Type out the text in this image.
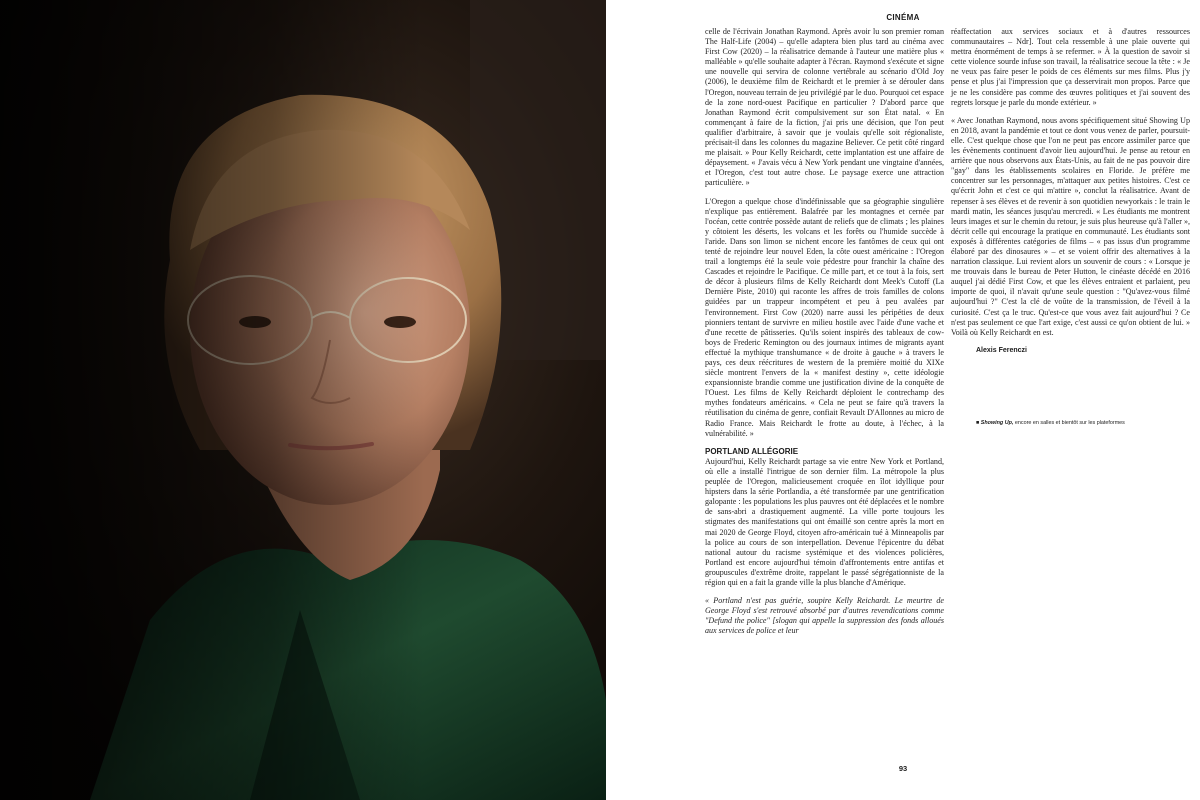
CINÉMA

celle de l'écrivain Jonathan Raymond. Après avoir lu son premier roman The Half-Life (2004) – qu'elle adaptera bien plus tard au cinéma avec First Cow (2020) – la réalisatrice demande à l'auteur une matière plus « malléable » qu'elle souhaite adapter à l'écran. Raymond s'exécute et signe une nouvelle qui servira de colonne vertébrale au scénario d'Old Joy (2006), le deuxième film de Reichardt et le premier à se dérouler dans l'Oregon, nouveau terrain de jeu privilégié par le duo. Pourquoi cet espace de la zone nord-ouest Pacifique en particulier ? D'abord parce que Jonathan Raymond écrit compulsivement sur son État natal. « En commençant à faire de la fiction, j'ai pris une décision, que l'on peut qualifier d'arbitraire, à savoir que je voulais qu'elle soit régionaliste, précisait-il dans les colonnes du magazine Believer. Ce petit côté ringard me plaisait. » Pour Kelly Reichardt, cette implantation est une affaire de dépaysement. « J'avais vécu à New York pendant une vingtaine d'années, et l'Oregon, c'est tout autre chose. Le paysage exerce une attraction particulière. »

L'Oregon a quelque chose d'indéfinissable que sa géographie singulière n'explique pas entièrement. Balafrée par les montagnes et cernée par l'océan, cette contrée possède autant de reliefs que de climats ; les plaines y côtoient les déserts, les volcans et les forêts ou l'humide succède à l'aride. Dans son limon se nichent encore les fantômes de ceux qui ont tenté de rejoindre leur nouvel Eden, la côte ouest américaine : l'Oregon trail a longtemps été la seule voie pédestre pour franchir la chaîne des Cascades et rejoindre le Pacifique. Ce mille part, et ce tout à la fois, sert de décor à plusieurs films de Kelly Reichardt dont Meek's Cutoff (La Dernière Piste, 2010) qui raconte les affres de trois familles de colons guidées par un trappeur incompétent et peu à peu avalées par l'environnement. First Cow (2020) narre aussi les péripéties de deux pionniers tentant de survivre en milieu hostile avec l'aide d'une vache et d'une recette de pâtisseries. Qu'ils soient inspirés des tableaux de cow-boys de Frederic Remington ou des journaux intimes de migrants ayant effectué la mythique transhumance « de droite à gauche » à travers le pays, ces deux réécritures de western de la première moitié du XIXe siècle montrent l'envers de la « manifest destiny », cette idéologie expansionniste brandie comme une justification divine de la conquête de l'Ouest. Les films de Kelly Reichardt déploient le contrechamp des mythes fondateurs américains. « Cela ne peut se faire qu'à travers la réutilisation du cinéma de genre, confiait Revault D'Allonnes au micro de Radio France. Mais Reichardt le frotte au doute, à l'échec, à la vulnérabilité. »

PORTLAND ALLÉGORIE

Aujourd'hui, Kelly Reichardt partage sa vie entre New York et Portland, où elle a installé l'intrigue de son dernier film. La métropole la plus peuplée de l'Oregon, malicieusement croquée en îlot idyllique pour hipsters dans la série Portlandia, a été transformée par une gentrification galopante : les populations les plus pauvres ont été déplacées et le nombre de sans-abri a drastiquement augmenté. La ville porte toujours les stigmates des manifestations qui ont émaillé son centre après la mort en mai 2020 de George Floyd, citoyen afro-américain tué à Minneapolis par la police au cours de son interpellation. Devenue l'épicentre du débat national autour du racisme systémique et des violences policières, Portland est encore aujourd'hui témoin d'affrontements entre antifas et groupuscules d'extrême droite, rappelant le passé ségrégationniste de la région qui en a fait la grande ville la plus blanche d'Amérique.

« Portland n'est pas guérie, soupire Kelly Reichardt. Le meurtre de George Floyd s'est retrouvé absorbé par d'autres revendications comme "Defund the police" [slogan qui appelle la suppression des fonds alloués aux services de police et leur

réaffectation aux services sociaux et à d'autres ressources communautaires – Ndr]. Tout cela ressemble à une plaie ouverte qui mettra énormément de temps à se refermer. » À la question de savoir si cette violence sourde infuse son travail, la réalisatrice secoue la tête : « Je ne veux pas faire peser le poids de ces éléments sur mes films. Plus j'y pense et plus j'ai l'impression que ça desservirait mon propos. Parce que je ne les considère pas comme des œuvres politiques et j'ai souvent des regrets lorsque je parle du monde extérieur. »

« Avec Jonathan Raymond, nous avons spécifiquement situé Showing Up en 2018, avant la pandémie et tout ce dont vous venez de parler, poursuit-elle. C'est quelque chose que l'on ne peut pas encore assimiler parce que les évènements continuent d'avoir lieu aujourd'hui. Je pense au retour en arrière que nous observons aux États-Unis, au fait de ne pas pouvoir dire "gay" dans les établissements scolaires en Floride. Je préfère me concentrer sur les personnages, m'attaquer aux petites histoires. C'est ce qu'écrit John et c'est ce qui m'attire », conclut la réalisatrice. Avant de repenser à ses élèves et de revenir à son quotidien newyorkais : le train le mardi matin, les séances jusqu'au mercredi. « Les étudiants me montrent leurs images et sur le chemin du retour, je suis plus heureuse qu'à l'aller », décrit celle qui encourage la pratique en communauté. Les étudiants sont exposés à différentes catégories de films – « pas issus d'un programme élaboré par des dinosaures » – et se voient offrir des alternatives à la narration classique. Lui revient alors un souvenir de cours : « Lorsque je me trouvais dans le bureau de Peter Hutton, le cinéaste décédé en 2016 auquel j'ai dédié First Cow, et que les élèves entraient et parlaient, peu importe de quoi, il n'avait qu'une seule question : "Qu'avez-vous filmé aujourd'hui ?" C'est la clé de voûte de la transmission, de l'éveil à la curiosité. C'est ça le truc. Qu'est-ce que vous avez fait aujourd'hui ? Ce n'est pas seulement ce que l'art exige, c'est aussi ce qu'on obtient de lui. » Voilà où Kelly Reichardt en est.

Alexis Ferenczi
■ Showing Up, encore en salles et bientôt sur les plateformes
93
